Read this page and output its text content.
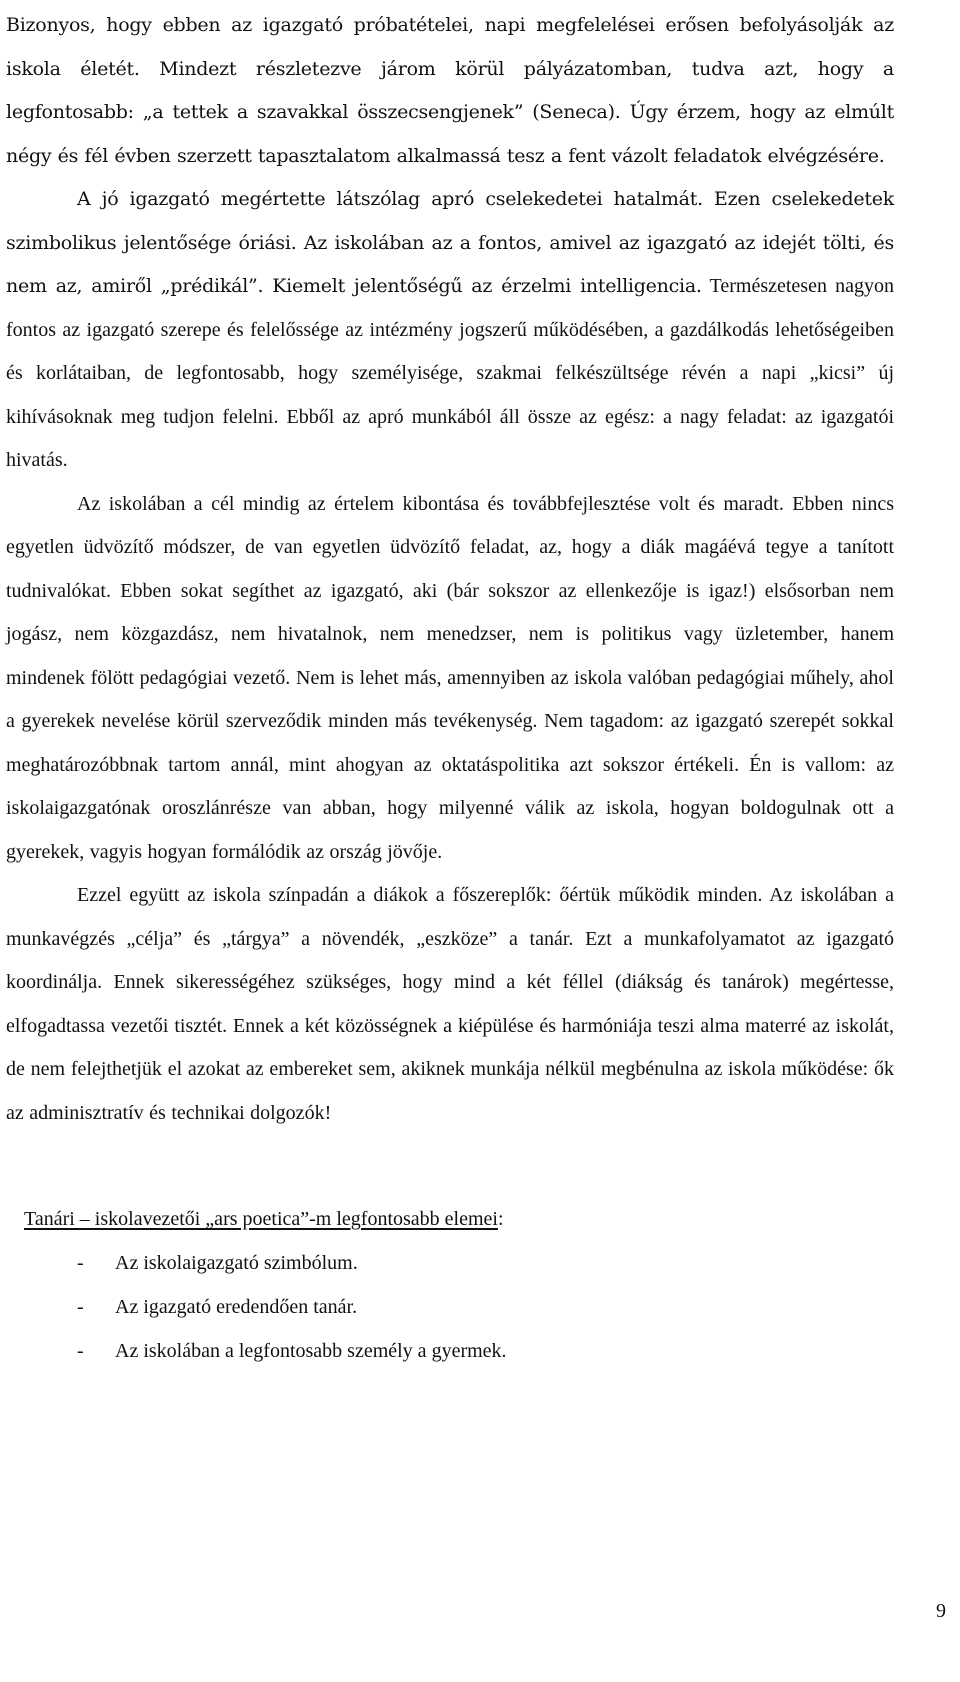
Bizonyos, hogy ebben az igazgató próbatételei, napi megfelelései erősen befolyásolják az iskola életét. Mindezt részletezve járom körül pályázatomban, tudva azt, hogy a legfontosabb: „a tettek a szavakkal összecsengjenek” (Seneca). Úgy érzem, hogy az elmúlt négy és fél évben szerzett tapasztalatom alkalmassá tesz a fent vázolt feladatok elvégzésére.

A jó igazgató megértette látszólag apró cselekedetei hatalmát. Ezen cselekedetek szimbolikus jelentősége óriási. Az iskolában az a fontos, amivel az igazgató az idejét tölti, és nem az, amiről „prédikál”. Kiemelt jelentőségű az érzelmi intelligencia. Természetesen nagyon fontos az igazgató szerepe és felelőssége az intézmény jogszerű működésében, a gazdálkodás lehetőségeiben és korlátaiban, de legfontosabb, hogy személyisége, szakmai felkészültsége révén a napi „kicsi” új kihívásoknak meg tudjon felelni. Ebből az apró munkából áll össze az egész: a nagy feladat: az igazgatói hivatás.

Az iskolában a cél mindig az értelem kibontása és továbbfejlesztése volt és maradt. Ebben nincs egyetlen üdvözítő módszer, de van egyetlen üdvözítő feladat, az, hogy a diák magáévá tegye a tanított tudnivalókat. Ebben sokat segíthet az igazgató, aki (bár sokszor az ellenkezője is igaz!) elsősorban nem jogász, nem közgazdász, nem hivatalnok, nem menedzser, nem is politikus vagy üzletember, hanem mindenek fölött pedagógiai vezető. Nem is lehet más, amennyiben az iskola valóban pedagógiai műhely, ahol a gyerekek nevelése körül szerveződik minden más tevékenység. Nem tagadom: az igazgató szerepét sokkal meghatározóbbnak tartom annál, mint ahogyan az oktatáspolitika azt sokszor értékeli. Én is vallom: az iskolaigazgatónak oroszlánrésze van abban, hogy milyenné válik az iskola, hogyan boldogulnak ott a gyerekek, vagyis hogyan formálódik az ország jövője.

Ezzel együtt az iskola színpadán a diákok a főszereplők: őértük működik minden. Az iskolában a munkavégzés „célja” és „tárgya” a növendék, „eszköze” a tanár. Ezt a munkafolyamatot az igazgató koordinálja. Ennek sikerességéhez szükséges, hogy mind a két féllel (diákság és tanárok) megértesse, elfogadtassa vezetői tisztét. Ennek a két közösségnek a kiépülése és harmóniája teszi alma materré az iskolát, de nem felejthetjük el azokat az embereket sem, akiknek munkája nélkül megbénulna az iskola működése: ők az adminisztratív és technikai dolgozók!

Tanári – iskolavezetői „ars poetica”-m legfontosabb elemei:

-	Az iskolaigazgató szimbólum.
-	Az igazgató eredendően tanár.
-	Az iskolában a legfontosabb személy a gyermek.
9
